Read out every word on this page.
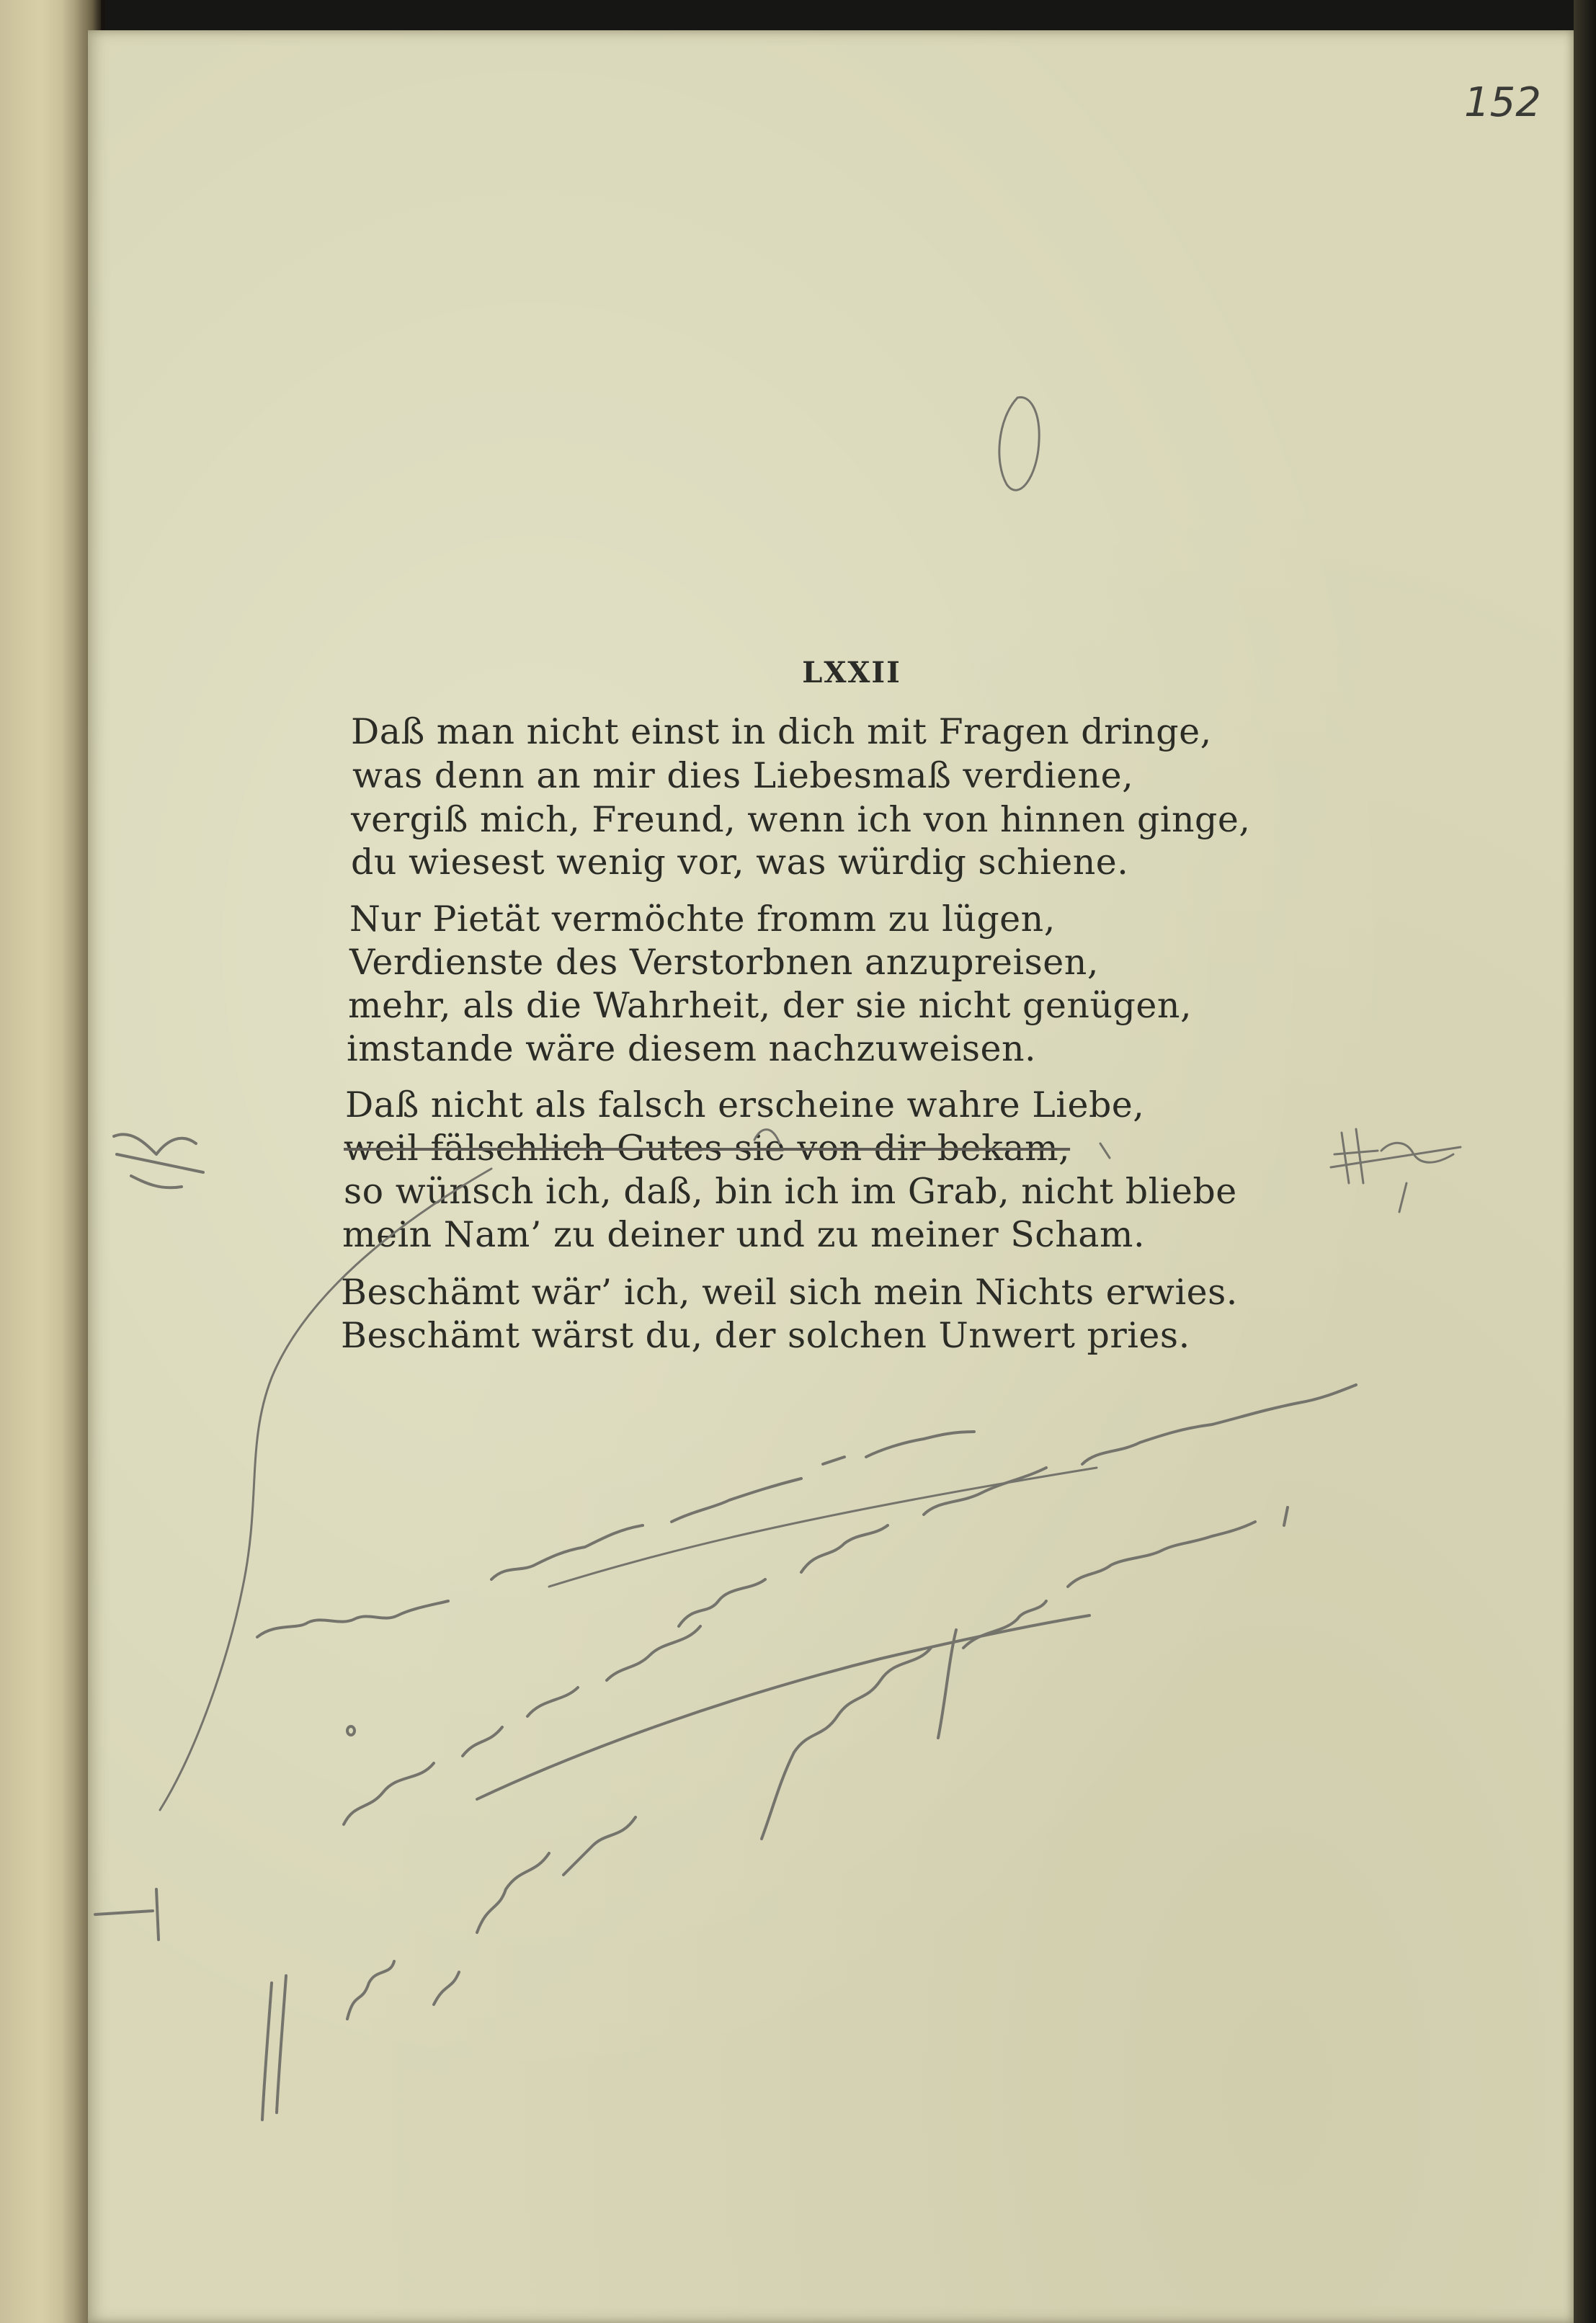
152
LXXII
Daß man nicht einst in dich mit Fragen dringe,
was denn an mir dies Liebesmaß verdiene,
vergiß mich, Freund, wenn ich von hinnen ginge,
du wiesest wenig vor, was würdig schiene.
Nur Pietät vermöchte fromm zu lügen,
Verdienste des Verstorbnen anzupreisen,
mehr, als die Wahrheit, der sie nicht genügen,
imstande wäre diesem nachzuweisen.
Daß nicht als falsch erscheine wahre Liebe,
weil fälschlich Gutes sie von dir bekam,
so wünsch ich, daß, bin ich im Grab, nicht bliebe
mein Nam’ zu deiner und zu meiner Scham.
Beschämt wär’ ich, weil sich mein Nichts erwies.
Beschämt wärst du, der solchen Unwert pries.
